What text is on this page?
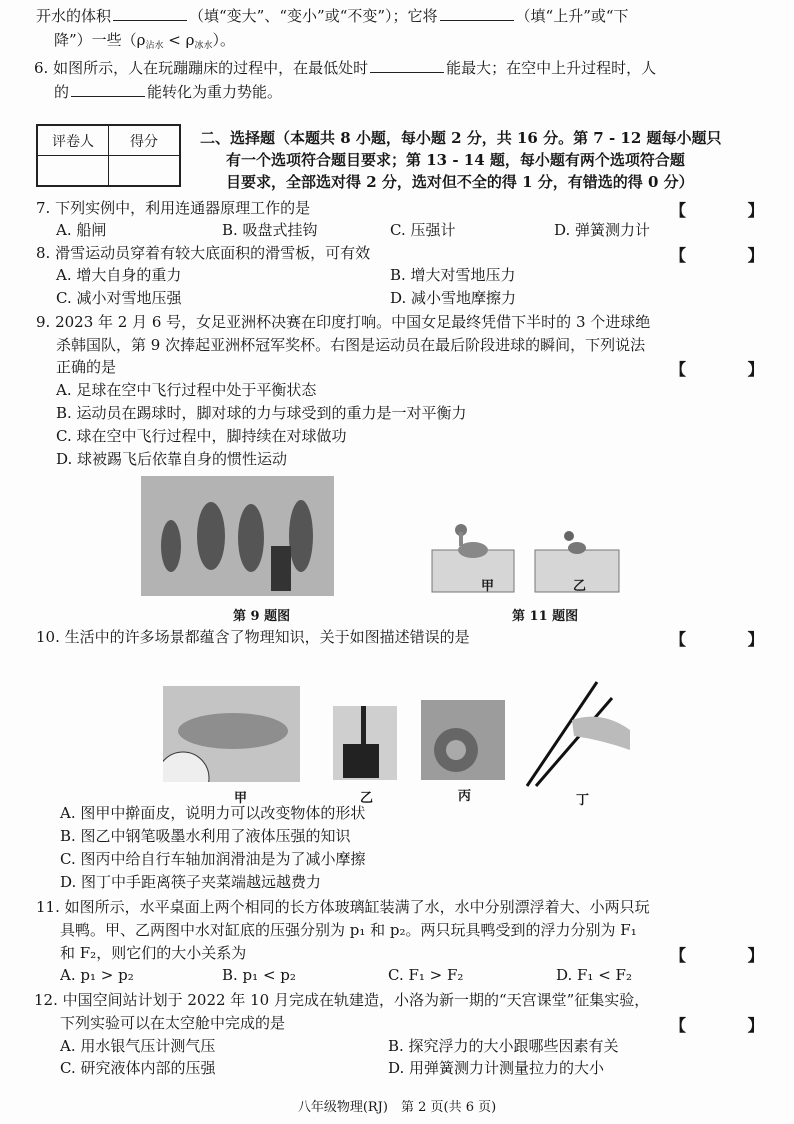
开水的体积	（填“变大”、“变小”或“不变”）；它将	（填“上升”或“下
降”）一些$(\rho_{沾水} < \rho_{冰水})$。
6. 如图所示，人在玩蹦蹦床的过程中，在最低处时	能最大；在空中上升过程时，人
的	能转化为重力势能。
评卷人	得分
		二、选择题（本题共 8 小题，每小题 2 分，共 16 分。第 7 - 12 题每小题只
有一个选项符合题目要求；第 13 - 14 题，每小题有两个选项符合题
目要求，全部选对得 2 分，选对但不全的得 1 分，有错选的得 0 分）
7. 下列实例中，利用连通器原理工作的是	【 】
A. 船闸	B. 吸盘式挂钩	C. 压强计	D. 弹簧测力计
8. 滑雪运动员穿着有较大底面积的滑雪板，可有效	【 】
A. 增大自身的重力	B. 增大对雪地压力
C. 减小对雪地压强	D. 减小雪地摩擦力
9. 2023 年 2 月 6 号，女足亚洲杯决赛在印度打响。中国女足最终凭借下半时的 3 个进球绝
杀韩国队，第 9 次捧起亚洲杯冠军奖杯。右图是运动员在最后阶段进球的瞬间，下列说法
正确的是	【 】
A. 足球在空中飞行过程中处于平衡状态
B. 运动员在踢球时，脚对球的力与球受到的重力是一对平衡力
C. 球在空中飞行过程中，脚持续在对球做功
D. 球被踢飞后依靠自身的惯性运动
第 9 题图
甲	乙
第 11 题图
10. 生活中的许多场景都蕴含了物理知识，关于如图描述错误的是	【 】
甲	乙	丙	丁
A. 图甲中擀面皮，说明力可以改变物体的形状
B. 图乙中钢笔吸墨水利用了液体压强的知识
C. 图丙中给自行车轴加润滑油是为了减小摩擦
D. 图丁中手距离筷子夹菜端越远越费力
11. 如图所示，水平桌面上两个相同的长方体玻璃缸装满了水，水中分别漂浮着大、小两只玩
具鸭。甲、乙两图中水对缸底的压强分别为 p₁ 和 p₂。两只玩具鸭受到的浮力分别为 F₁
和 F₂，则它们的大小关系为	【 】
A. p₁ > p₂	B. p₁ < p₂	C. F₁ > F₂	D. F₁ < F₂
12. 中国空间站计划于 2022 年 10 月完成在轨建造，小洛为新一期的“天宫课堂”征集实验，
下列实验可以在太空舱中完成的是	【 】
A. 用水银气压计测气压	B. 探究浮力的大小跟哪些因素有关
C. 研究液体内部的压强	D. 用弹簧测力计测量拉力的大小
八年级物理(RJ)　第 2 页(共 6 页)
